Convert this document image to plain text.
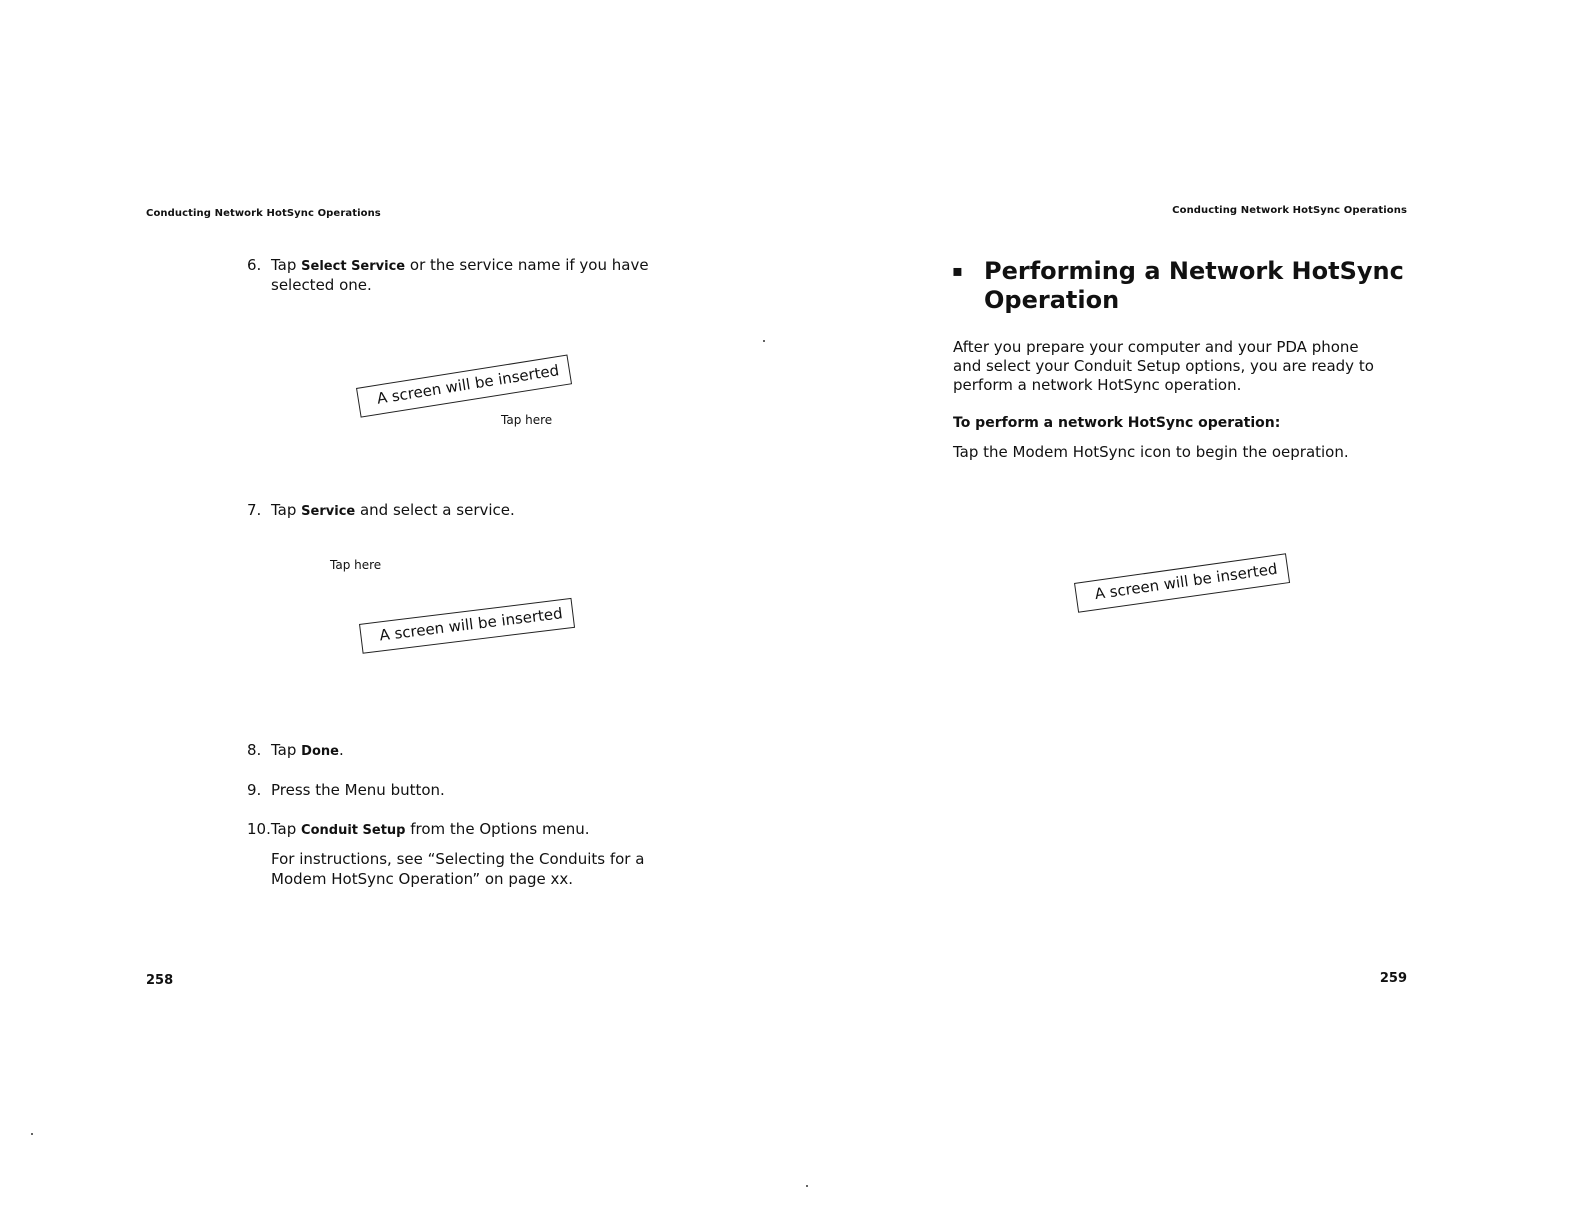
Conducting Network HotSync Operations
6. Tap Select Service or the service name if you have
selected one.
A screen will be inserted
Tap here
7. Tap Service and select a service.
Tap here
A screen will be inserted
8. Tap Done.
9. Press the Menu button.
10.Tap Conduit Setup from the Options menu.
For instructions, see “Selecting the Conduits for a
Modem HotSync Operation” on page xx.
258
Conducting Network HotSync Operations
▪ Performing a Network HotSync
Operation
After you prepare your computer and your PDA phone
and select your Conduit Setup options, you are ready to
perform a network HotSync operation.
To perform a network HotSync operation:
Tap the Modem HotSync icon to begin the oepration.
A screen will be inserted
259
